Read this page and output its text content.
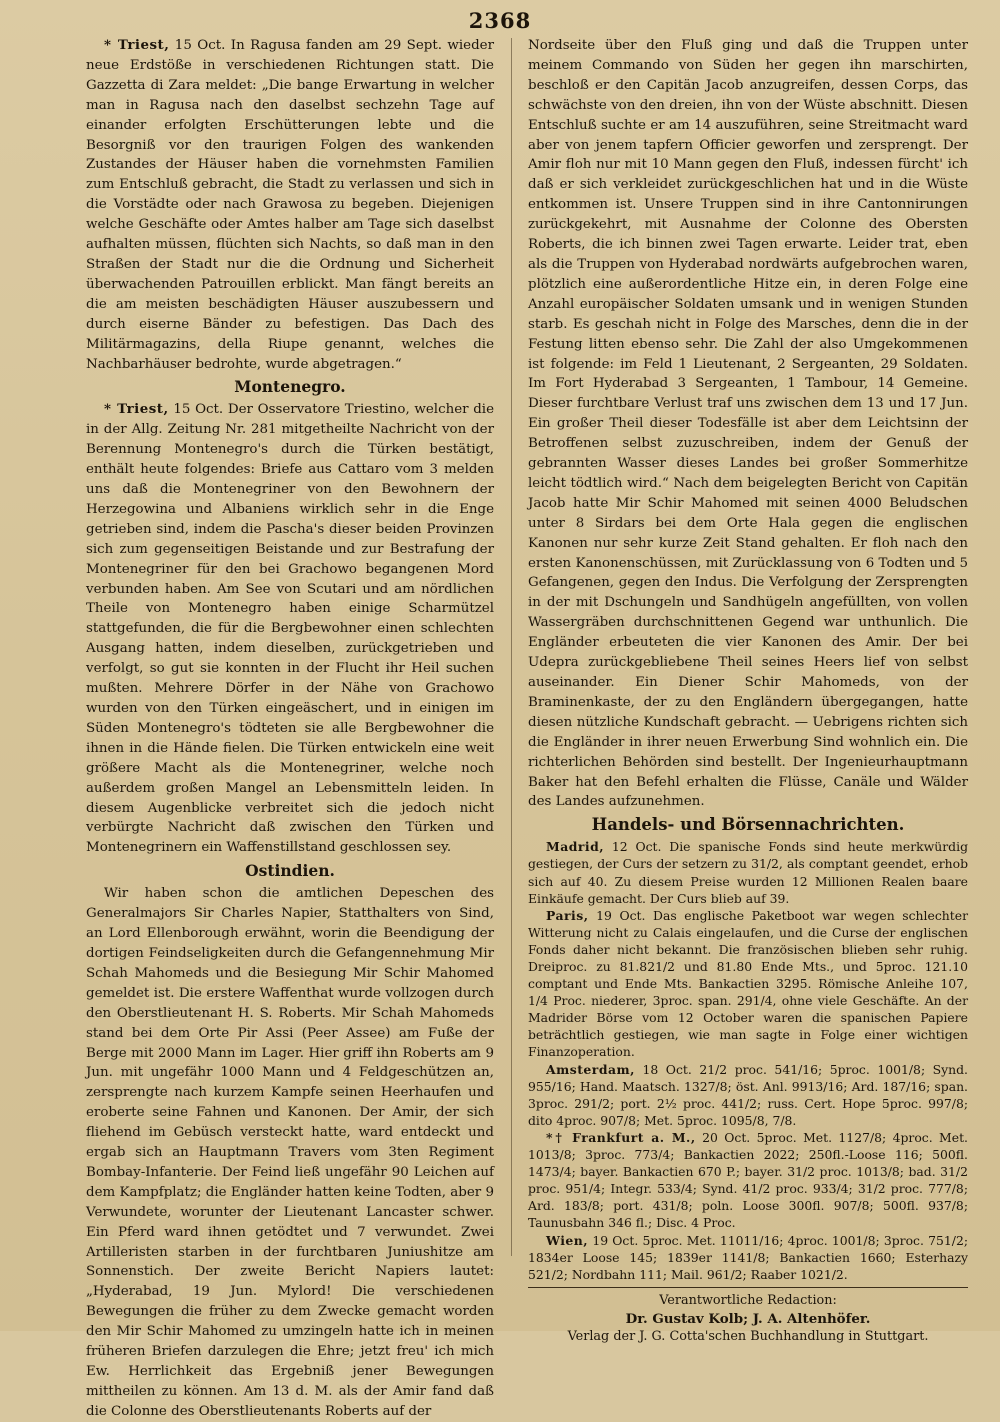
2368

* Triest, 15 Oct. In Ragusa fanden am 29 Sept. wieder neue Erdstöße in verschiedenen Richtungen statt. Die Gazzetta di Zara meldet: „Die bange Erwartung in welcher man in Ragusa nach den daselbst sechzehn Tage auf einander erfolgten Erschütterungen lebte und die Besorgniß vor den traurigen Folgen des wankenden Zustandes der Häuser haben die vornehmsten Familien zum Entschluß gebracht, die Stadt zu verlassen und sich in die Vorstädte oder nach Grawosa zu begeben. Diejenigen welche Geschäfte oder Amtes halber am Tage sich daselbst aufhalten müssen, flüchten sich Nachts, so daß man in den Straßen der Stadt nur die die Ordnung und Sicherheit überwachenden Patrouillen erblickt. Man fängt bereits an die am meisten beschädigten Häuser auszubessern und durch eiserne Bänder zu befestigen. Das Dach des Militärmagazins, della Riupe genannt, welches die Nachbarhäuser bedrohte, wurde abgetragen.“

Montenegro.

* Triest, 15 Oct. Der Osservatore Triestino, welcher die in der Allg. Zeitung Nr. 281 mitgetheilte Nachricht von der Berennung Montenegro's durch die Türken bestätigt, enthält heute folgendes: Briefe aus Cattaro vom 3 melden uns daß die Montenegriner von den Bewohnern der Herzegowina und Albaniens wirklich sehr in die Enge getrieben sind, indem die Pascha's dieser beiden Provinzen sich zum gegenseitigen Beistande und zur Bestrafung der Montenegriner für den bei Grachowo begangenen Mord verbunden haben. Am See von Scutari und am nördlichen Theile von Montenegro haben einige Scharmützel stattgefunden, die für die Bergbewohner einen schlechten Ausgang hatten, indem dieselben, zurückgetrieben und verfolgt, so gut sie konnten in der Flucht ihr Heil suchen mußten. Mehrere Dörfer in der Nähe von Grachowo wurden von den Türken eingeäschert, und in einigen im Süden Montenegro's tödteten sie alle Bergbewohner die ihnen in die Hände fielen. Die Türken entwickeln eine weit größere Macht als die Montenegriner, welche noch außerdem großen Mangel an Lebensmitteln leiden. In diesem Augenblicke verbreitet sich die jedoch nicht verbürgte Nachricht daß zwischen den Türken und Montenegrinern ein Waffenstillstand geschlossen sey.

Ostindien.

Wir haben schon die amtlichen Depeschen des Generalmajors Sir Charles Napier, Statthalters von Sind, an Lord Ellenborough erwähnt, worin die Beendigung der dortigen Feindseligkeiten durch die Gefangennehmung Mir Schah Mahomeds und die Besiegung Mir Schir Mahomed gemeldet ist. Die erstere Waffenthat wurde vollzogen durch den Oberstlieutenant H. S. Roberts. Mir Schah Mahomeds stand bei dem Orte Pir Assi (Peer Assee) am Fuße der Berge mit 2000 Mann im Lager. Hier griff ihn Roberts am 9 Jun. mit ungefähr 1000 Mann und 4 Feldgeschützen an, zersprengte nach kurzem Kampfe seinen Heerhaufen und eroberte seine Fahnen und Kanonen. Der Amir, der sich fliehend im Gebüsch versteckt hatte, ward entdeckt und ergab sich an Hauptmann Travers vom 3ten Regiment Bombay-Infanterie. Der Feind ließ ungefähr 90 Leichen auf dem Kampfplatz; die Engländer hatten keine Todten, aber 9 Verwundete, worunter der Lieutenant Lancaster schwer. Ein Pferd ward ihnen getödtet und 7 verwundet. Zwei Artilleristen starben in der furchtbaren Juniushitze am Sonnenstich. Der zweite Bericht Napiers lautet: „Hyderabad, 19 Jun. Mylord! Die verschiedenen Bewegungen die früher zu dem Zwecke gemacht worden den Mir Schir Mahomed zu umzingeln hatte ich in meinen früheren Briefen darzulegen die Ehre; jetzt freu' ich mich Ew. Herrlichkeit das Ergebniß jener Bewegungen mittheilen zu können. Am 13 d. M. als der Amir fand daß die Colonne des Oberstlieutenants Roberts auf der

Nordseite über den Fluß ging und daß die Truppen unter meinem Commando von Süden her gegen ihn marschirten, beschloß er den Capitän Jacob anzugreifen, dessen Corps, das schwächste von den dreien, ihn von der Wüste abschnitt. Diesen Entschluß suchte er am 14 auszuführen, seine Streitmacht ward aber von jenem tapfern Officier geworfen und zersprengt. Der Amir floh nur mit 10 Mann gegen den Fluß, indessen fürcht' ich daß er sich verkleidet zurückgeschlichen hat und in die Wüste entkommen ist. Unsere Truppen sind in ihre Cantonnirungen zurückgekehrt, mit Ausnahme der Colonne des Obersten Roberts, die ich binnen zwei Tagen erwarte. Leider trat, eben als die Truppen von Hyderabad nordwärts aufgebrochen waren, plötzlich eine außerordentliche Hitze ein, in deren Folge eine Anzahl europäischer Soldaten umsank und in wenigen Stunden starb. Es geschah nicht in Folge des Marsches, denn die in der Festung litten ebenso sehr. Die Zahl der also Umgekommenen ist folgende: im Feld 1 Lieutenant, 2 Sergeanten, 29 Soldaten. Im Fort Hyderabad 3 Sergeanten, 1 Tambour, 14 Gemeine. Dieser furchtbare Verlust traf uns zwischen dem 13 und 17 Jun. Ein großer Theil dieser Todesfälle ist aber dem Leichtsinn der Betroffenen selbst zuzuschreiben, indem der Genuß der gebrannten Wasser dieses Landes bei großer Sommerhitze leicht tödtlich wird.“ Nach dem beigelegten Bericht von Capitän Jacob hatte Mir Schir Mahomed mit seinen 4000 Beludschen unter 8 Sirdars bei dem Orte Hala gegen die englischen Kanonen nur sehr kurze Zeit Stand gehalten. Er floh nach den ersten Kanonenschüssen, mit Zurücklassung von 6 Todten und 5 Gefangenen, gegen den Indus. Die Verfolgung der Zersprengten in der mit Dschungeln und Sandhügeln angefüllten, von vollen Wassergräben durchschnittenen Gegend war unthunlich. Die Engländer erbeuteten die vier Kanonen des Amir. Der bei Udepra zurückgebliebene Theil seines Heers lief von selbst auseinander. Ein Diener Schir Mahomeds, von der Braminenkaste, der zu den Engländern übergegangen, hatte diesen nützliche Kundschaft gebracht. — Uebrigens richten sich die Engländer in ihrer neuen Erwerbung Sind wohnlich ein. Die richterlichen Behörden sind bestellt. Der Ingenieurhauptmann Baker hat den Befehl erhalten die Flüsse, Canäle und Wälder des Landes aufzunehmen.

Handels- und Börsennachrichten.

Madrid, 12 Oct. Die spanische Fonds sind heute merkwürdig gestiegen, der Curs der setzern zu 31/2, als comptant geendet, erhob sich auf 40. Zu diesem Preise wurden 12 Millionen Realen baare Einkäufe gemacht. Der Curs blieb auf 39.

Paris, 19 Oct. Das englische Paketboot war wegen schlechter Witterung nicht zu Calais eingelaufen, und die Curse der englischen Fonds daher nicht bekannt. Die französischen blieben sehr ruhig. Dreiproc. zu 81.821/2 und 81.80 Ende Mts., und 5proc. 121.10 comptant und Ende Mts. Bankactien 3295. Römische Anleihe 107, 1/4 Proc. niederer, 3proc. span. 291/4, ohne viele Geschäfte. An der Madrider Börse vom 12 October waren die spanischen Papiere beträchtlich gestiegen, wie man sagte in Folge einer wichtigen Finanzoperation.

Amsterdam, 18 Oct. 21/2 proc. 541/16; 5proc. 1001/8; Synd. 955/16; Hand. Maatsch. 1327/8; öst. Anl. 9913/16; Ard. 187/16; span. 3proc. 291/2; port. 2½ proc. 441/2; russ. Cert. Hope 5proc. 997/8; dito 4proc. 907/8; Met. 5proc. 1095/8, 7/8.

*† Frankfurt a. M., 20 Oct. 5proc. Met. 1127/8; 4proc. Met. 1013/8; 3proc. 773/4; Bankactien 2022; 250fl.-Loose 116; 500fl. 1473/4; bayer. Bankactien 670 P.; bayer. 31/2 proc. 1013/8; bad. 31/2 proc. 951/4; Integr. 533/4; Synd. 41/2 proc. 933/4; 31/2 proc. 777/8; Ard. 183/8; port. 431/8; poln. Loose 300fl. 907/8; 500fl. 937/8; Taunusbahn 346 fl.; Disc. 4 Proc.

Wien, 19 Oct. 5proc. Met. 11011/16; 4proc. 1001/8; 3proc. 751/2; 1834er Loose 145; 1839er 1141/8; Bankactien 1660; Esterhazy 521/2; Nordbahn 111; Mail. 961/2; Raaber 1021/2.

Verantwortliche Redaction:
Dr. Gustav Kolb; J. A. Altenhöfer.
Verlag der J. G. Cotta'schen Buchhandlung in Stuttgart.
